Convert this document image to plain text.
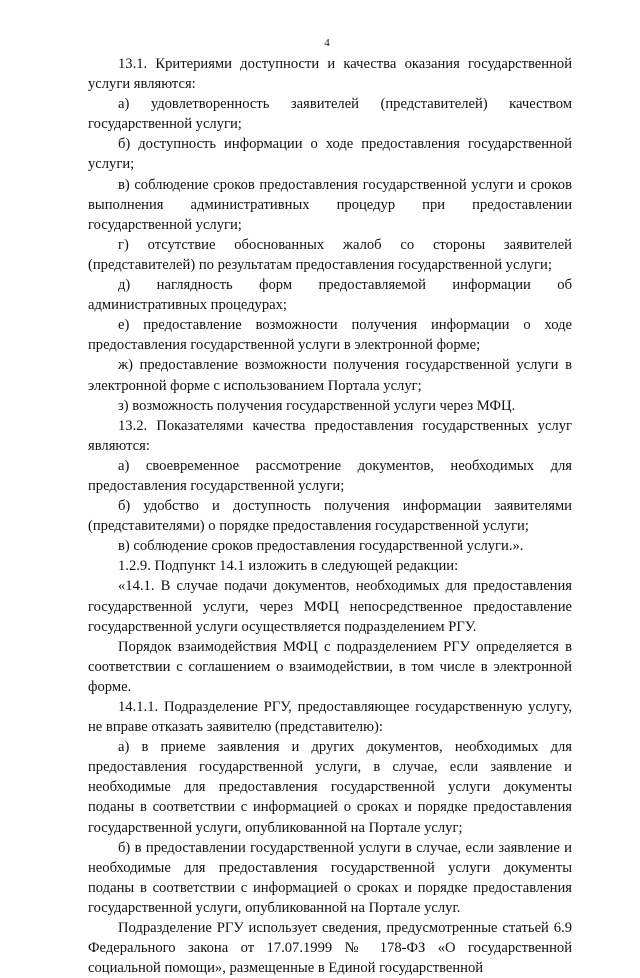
4

13.1. Критериями доступности и качества оказания государственной услуги являются:

а) удовлетворенность заявителей (представителей) качеством государственной услуги;

б) доступность информации о ходе предоставления государственной услуги;

в) соблюдение сроков предоставления государственной услуги и сроков выполнения административных процедур при предоставлении государственной услуги;

г) отсутствие обоснованных жалоб со стороны заявителей (представителей) по результатам предоставления государственной услуги;

д) наглядность форм предоставляемой информации об административных процедурах;

е) предоставление возможности получения информации о ходе предоставления государственной услуги в электронной форме;

ж) предоставление возможности получения государственной услуги в электронной форме с использованием Портала услуг;

з) возможность получения государственной услуги через МФЦ.

13.2. Показателями качества предоставления государственных услуг являются:

а) своевременное рассмотрение документов, необходимых для предоставления государственной услуги;

б) удобство и доступность получения информации заявителями (представителями) о порядке предоставления государственной услуги;

в) соблюдение сроков предоставления государственной услуги.».

1.2.9. Подпункт 14.1 изложить в следующей редакции:

«14.1. В случае подачи документов, необходимых для предоставления государственной услуги, через МФЦ непосредственное предоставление государственной услуги осуществляется подразделением РГУ.

Порядок взаимодействия МФЦ с подразделением РГУ определяется в соответствии с соглашением о взаимодействии, в том числе в электронной форме.

14.1.1. Подразделение РГУ, предоставляющее государственную услугу, не вправе отказать заявителю (представителю):

а) в приеме заявления и других документов, необходимых для предоставления государственной услуги, в случае, если заявление и необходимые для предоставления государственной услуги документы поданы в соответствии с информацией о сроках и порядке предоставления государственной услуги, опубликованной на Портале услуг;

б) в предоставлении государственной услуги в случае, если заявление и необходимые для предоставления государственной услуги документы поданы в соответствии с информацией о сроках и порядке предоставления государственной услуги, опубликованной на Портале услуг.

Подразделение РГУ использует сведения, предусмотренные статьей 6.9 Федерального закона от 17.07.1999 № 178-ФЗ «О государственной социальной помощи», размещенные в Единой государственной
